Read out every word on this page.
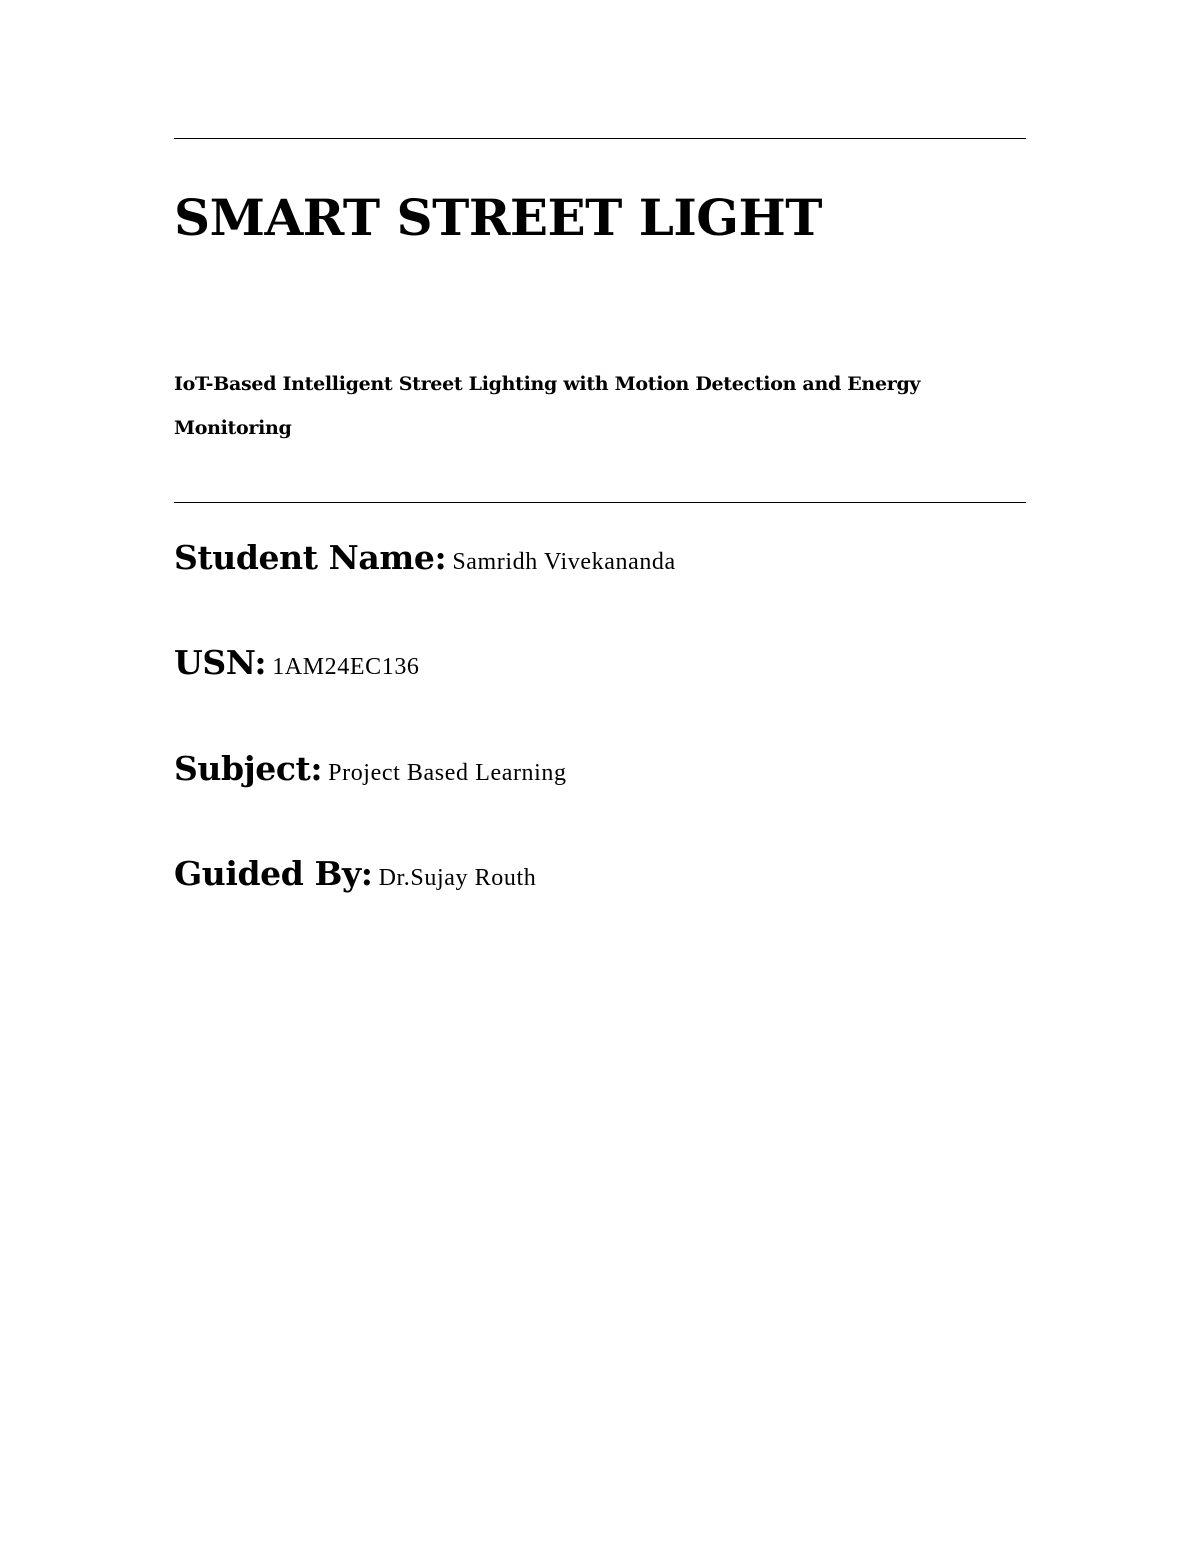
SMART STREET LIGHT

IoT-Based Intelligent Street Lighting with Motion Detection and Energy Monitoring

Student Name: Samridh Vivekananda

USN: 1AM24EC136

Subject: Project Based Learning

Guided By: Dr.Sujay Routh
